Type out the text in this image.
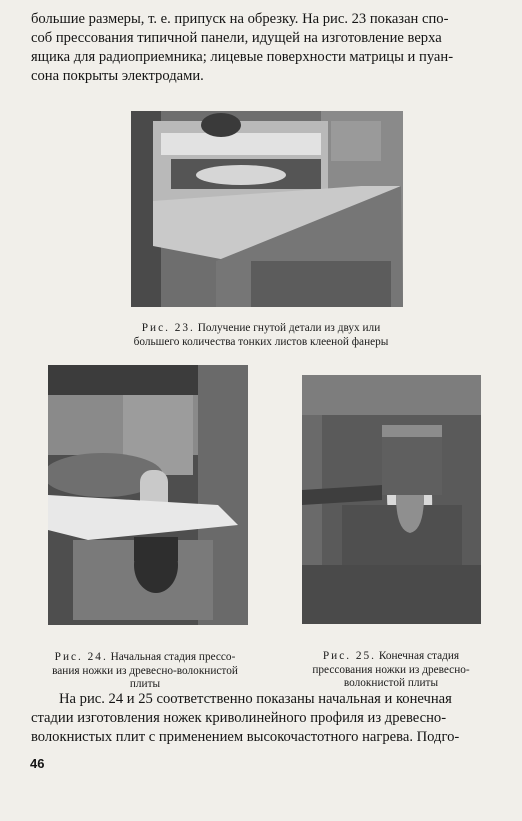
большие размеры, т. е. припуск на обрезку. На рис. 23 показан спо-
соб прессования типичной панели, идущей на изготовление верха
ящика для радиоприемника; лицевые поверхности матрицы и пуан-
сона покрыты электродами.

Рис. 23. Получение гнутой детали из двух или
большего количества тонких листов клееной фанеры

Рис. 24. Начальная стадия прессо-
вания ножки из древесно-волокнистой
плиты

Рис. 25. Конечная стадия
прессования ножки из древесно-
волокнистой плиты

На рис. 24 и 25 соответственно показаны начальная и конечная
стадии изготовления ножек криволинейного профиля из древесно-
волокнистых плит с применением высокочастотного нагрева. Подго-

46
